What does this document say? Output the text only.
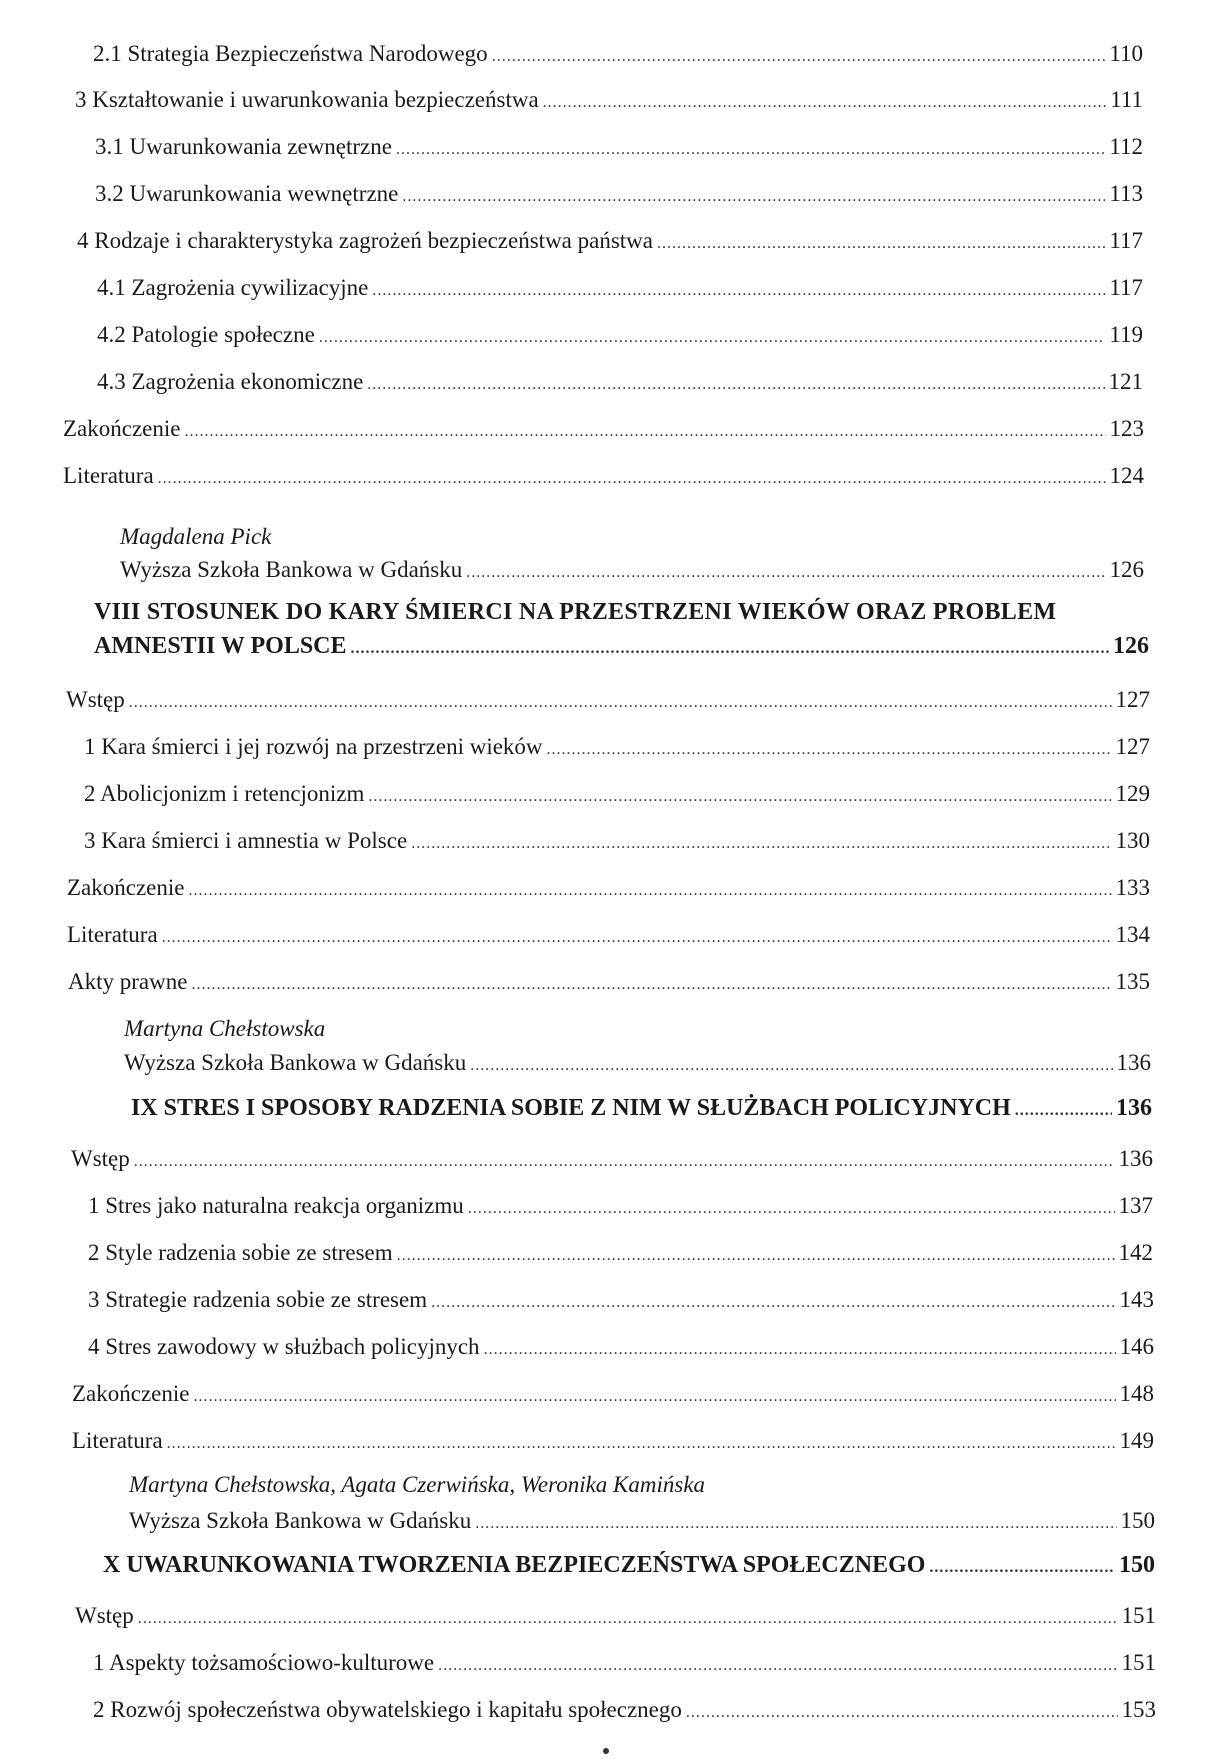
2.1 Strategia Bezpieczeństwa Narodowego .....	110
3 Kształtowanie i uwarunkowania bezpieczeństwa .....	111
3.1 Uwarunkowania zewnętrzne .....	112
3.2 Uwarunkowania wewnętrzne .....	113
4 Rodzaje i charakterystyka zagrożeń bezpieczeństwa państwa .....	117
4.1 Zagrożenia cywilizacyjne .....	117
4.2 Patologie społeczne .....	119
4.3 Zagrożenia ekonomiczne .....	121
Zakończenie .....	123
Literatura .....	124
Magdalena Pick
Wyższa Szkoła Bankowa w Gdańsku .....	126
VIII STOSUNEK DO KARY ŚMIERCI NA PRZESTRZENI WIEKÓW ORAZ PROBLEM
AMNESTII W POLSCE .....	126
Wstęp .....	127
1 Kara śmierci i jej rozwój na przestrzeni wieków .....	127
2 Abolicjonizm i retencjonizm .....	129
3 Kara śmierci i amnestia w Polsce .....	130
Zakończenie .....	133
Literatura .....	134
Akty prawne .....	135
Martyna Chełstowska
Wyższa Szkoła Bankowa w Gdańsku .....	136
IX STRES I SPOSOBY RADZENIA SOBIE Z NIM W SŁUŻBACH POLICYJNYCH .....	136
Wstęp .....	136
1 Stres jako naturalna reakcja organizmu .....	137
2 Style radzenia sobie ze stresem .....	142
3 Strategie radzenia sobie ze stresem .....	143
4 Stres zawodowy w służbach policyjnych .....	146
Zakończenie .....	148
Literatura .....	149
Martyna Chełstowska, Agata Czerwińska, Weronika Kamińska
Wyższa Szkoła Bankowa w Gdańsku .....	150
X UWARUNKOWANIA TWORZENIA BEZPIECZEŃSTWA SPOŁECZNEGO .....	150
Wstęp .....	151
1 Aspekty tożsamościowo-kulturowe .....	151
2 Rozwój społeczeństwa obywatelskiego i kapitału społecznego .....	153
